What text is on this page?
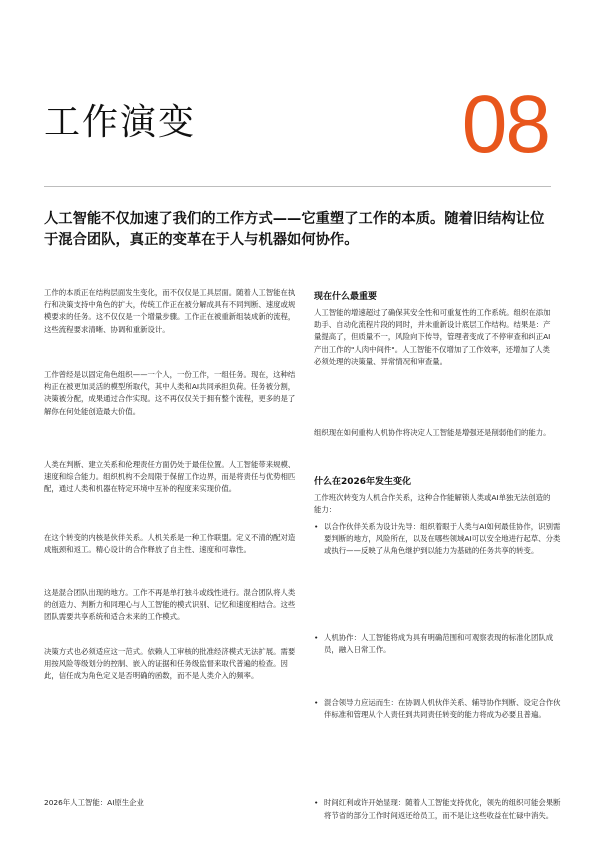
工作演变	08
人工智能不仅加速了我们的工作方式——它重塑了工作的本质。随着旧结构让位于混合团队，真正的变革在于人与机器如何协作。
工作的本质正在结构层面发生变化，而不仅仅是工具层面。随着人工智能在执行和决策支持中角色的扩大，传统工作正在被分解成具有不同判断、速度或规模要求的任务。这不仅仅是一个增量步骤。工作正在被重新组装成新的流程，这些流程要求清晰、协调和重新设计。
工作曾经是以固定角色组织——一个人，一份工作，一组任务。现在，这种结构正在被更加灵活的模型所取代，其中人类和AI共同承担负荷。任务被分割，决策被分配，成果通过合作实现。这不再仅仅关于拥有整个流程，更多的是了解你在何处能创造最大价值。
人类在判断、建立关系和伦理责任方面仍处于最佳位置。人工智能带来规模、速度和综合能力。组织机构不会局限于保留工作边界，而是将责任与优势相匹配，通过人类和机器在特定环境中互补的程度来实现价值。
在这个转变的内核是伙伴关系。人机关系是一种工作联盟。定义不清的配对造成瓶颈和返工。精心设计的合作释放了自主性、速度和可靠性。
这是混合团队出现的地方。工作不再是单打独斗或线性进行。混合团队将人类的创造力、判断力和同理心与人工智能的模式识别、记忆和速度相结合。这些团队需要共享系统和适合未来的工作模式。
决策方式也必须适应这一范式。依赖人工审核的批准经济模式无法扩展。需要用按风险等级划分的控制、嵌入的证据和任务级监督来取代普遍的检查。因此，信任成为角色定义是否明确的函数，而不是人类介入的频率。
现在什么最重要
人工智能的增速超过了确保其安全性和可重复性的工作系统。组织在添加助手、自动化流程片段的同时，并未重新设计底层工作结构。结果是：产量提高了，但质量不一，风险向下传导，管理者变成了不停审查和纠正AI产出工作的"人肉中间件"。人工智能不仅增加了工作效率，还增加了人类必须处理的决策量、异常情况和审查量。
组织现在如何重构人机协作将决定人工智能是增强还是削弱他们的能力。
什么在2026年发生变化
工作班次转变为人机合作关系，这种合作能解锁人类或AI单独无法创造的能力：
• 以合作伙伴关系为设计先导：组织着眼于人类与AI如何最佳协作，识别需要判断的地方，风险所在，以及在哪些领域AI可以安全地进行起草、分类或执行——反映了从角色继护到以能力为基础的任务共享的转变。
• 人机协作：人工智能将成为具有明确范围和可观察表现的标准化团队成员，融入日常工作。
• 混合领导力应运而生：在协调人机伙伴关系、辅导协作判断、设定合作伙伴标准和管理从个人责任到共同责任转变的能力将成为必要且普遍。
• 时间红利或许开始显现：随着人工智能支持优化，领先的组织可能会果断将节省的部分工作时间返还给员工，而不是让这些收益在忙碌中消失。
2026年人工智能：AI原生企业
